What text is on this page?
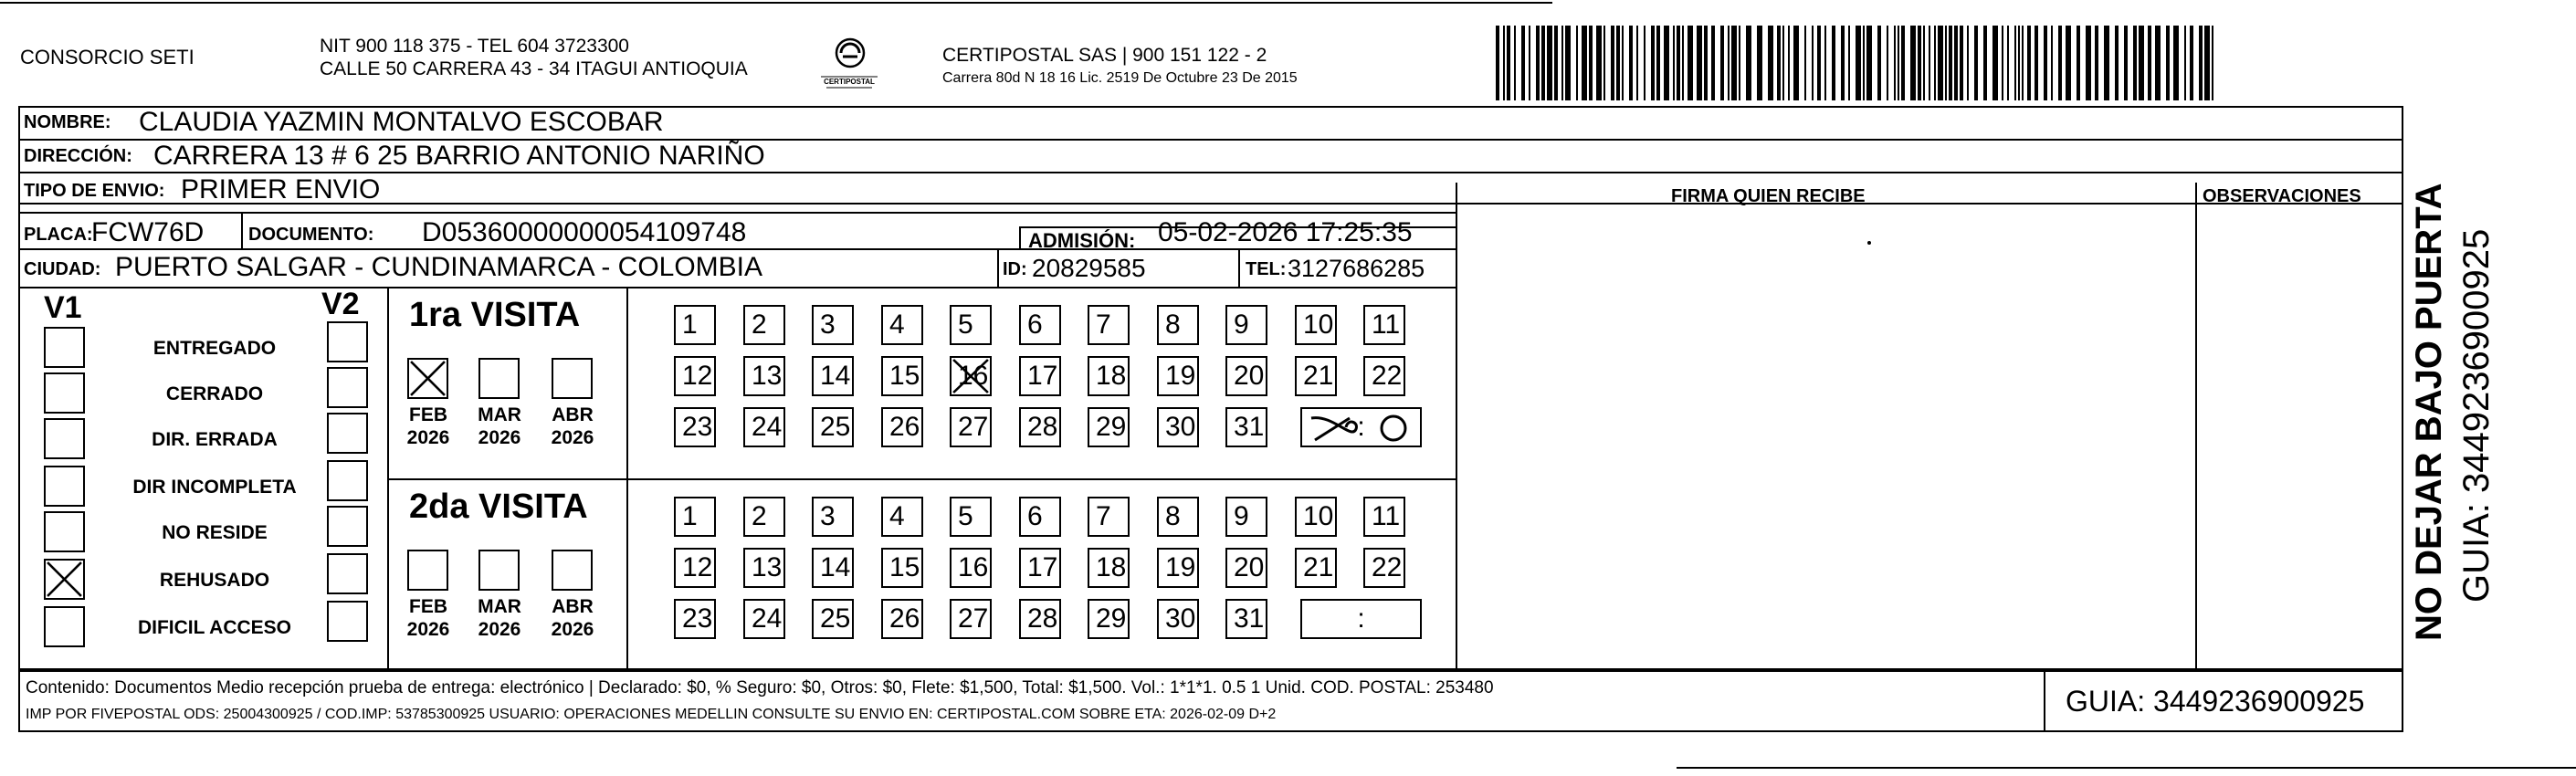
CONSORCIO SETI	NIT 900 118 375 - TEL 604 3723300
CALLE 50 CARRERA 43 - 34 ITAGUI ANTIOQUIA
CERTIPOSTAL
CERTIPOSTAL SAS | 900 151 122 - 2
Carrera 80d N 18 16 Lic. 2519 De Octubre 23 De 2015
NOMBRE: CLAUDIA YAZMIN MONTALVO ESCOBAR
DIRECCIÓN: CARRERA 13 # 6 25 BARRIO ANTONIO NARIÑO
TIPO DE ENVIO: PRIMER ENVIO	FIRMA QUIEN RECIBE	OBSERVACIONES
PLACA:
FCW76D DOCUMENTO: D05360000000054109748	ADMISIÓN: 05-02-2026 17:25:35
CIUDAD: PUERTO SALGAR - CUNDINAMARCA - COLOMBIA	ID: 20829585	TEL: 3127686285
V1	V2
ENTREGADO
CERRADO
DIR. ERRADA
DIR INCOMPLETA
NO RESIDE
REHUSADO
DIFICIL ACCESO
1ra VISITA
FEB
2026
MAR
2026
ABR
2026
1	2	3	4	5	6	7	8	9	10	11
12	13	14	15	16	17	18	19	20	21	22
23	24	25	26	27	28	29	30	31	:
2da VISITA
FEB
2026
MAR
2026
ABR
2026
1	2	3	4	5	6	7	8	9	10	11
12	13	14	15	16	17	18	19	20	21	22
23	24	25	26	27	28	29	30	31	:
Contenido: Documentos Medio recepción prueba de entrega: electrónico | Declarado: $0, % Seguro: $0, Otros: $0, Flete: $1,500, Total: $1,500. Vol.: 1*1*1. 0.5 1 Unid. COD. POSTAL: 253480
IMP POR FIVEPOSTAL ODS: 25004300925 / COD.IMP: 53785300925 USUARIO: OPERACIONES MEDELLIN CONSULTE SU ENVIO EN: CERTIPOSTAL.COM SOBRE ETA: 2026-02-09 D+2	GUIA: 3449236900925
NO DEJAR BAJO PUERTA GUIA: 3449236900925
